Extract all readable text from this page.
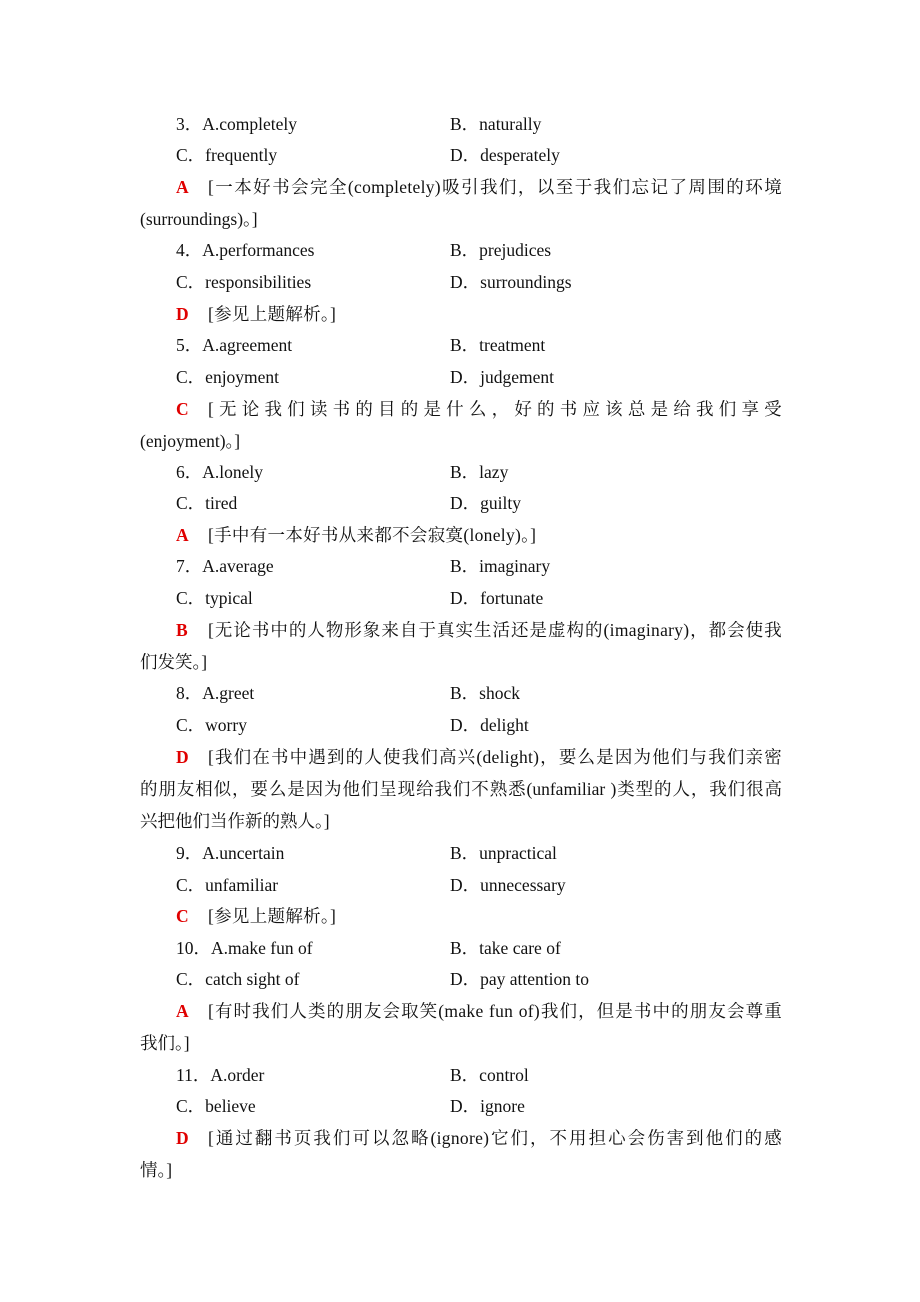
3．A.completely	B．naturally
C．frequently	D．desperately
A [一本好书会完全(completely)吸引我们，以至于我们忘记了周围的环境
(surroundings)。]
4．A.performances	B．prejudices
C．responsibilities	D．surroundings
D [参见上题解析。]
5．A.agreement	B．treatment
C．enjoyment	D．judgement
C [无论我们读书的目的是什么，好的书应该总是给我们享受
(enjoyment)。]
6．A.lonely	B．lazy
C．tired	D．guilty
A [手中有一本好书从来都不会寂寞(lonely)。]
7．A.average	B．imaginary
C．typical	D．fortunate
B [无论书中的人物形象来自于真实生活还是虚构的(imaginary)，都会使我
们发笑。]
8．A.greet	B．shock
C．worry	D．delight
D [我们在书中遇到的人使我们高兴(delight)，要么是因为他们与我们亲密
的朋友相似，要么是因为他们呈现给我们不熟悉(unfamiliar )类型的人，我们很高
兴把他们当作新的熟人。]
9．A.uncertain	B．unpractical
C．unfamiliar	D．unnecessary
C [参见上题解析。]
10．A.make fun of	B．take care of
C．catch sight of	D．pay attention to
A [有时我们人类的朋友会取笑(make fun of)我们，但是书中的朋友会尊重
我们。]
11．A.order	B．control
C．believe	D．ignore
D [通过翻书页我们可以忽略(ignore)它们，不用担心会伤害到他们的感
情。]
